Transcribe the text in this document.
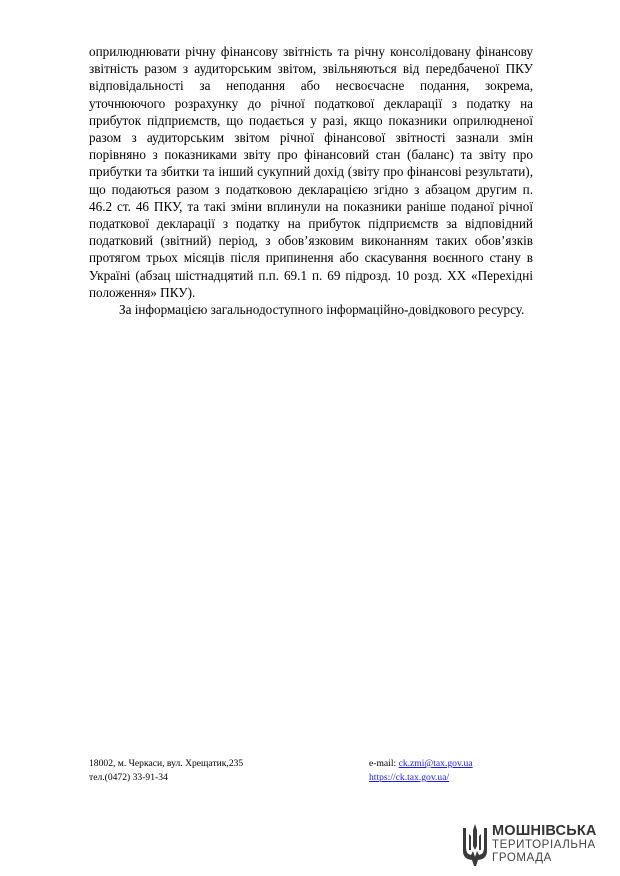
оприлюднювати річну фінансову звітність та річну консолідовану фінансову звітність разом з аудиторським звітом, звільняються від передбаченої ПКУ відповідальності за неподання або несвоєчасне подання, зокрема, уточнюючого розрахунку до річної податкової декларації з податку на прибуток підприємств, що подається у разі, якщо показники оприлюдненої разом з аудиторським звітом річної фінансової звітності зазнали змін порівняно з показниками звіту про фінансовий стан (баланс) та звіту про прибутки та збитки та інший сукупний дохід (звіту про фінансові результати), що подаються разом з податковою декларацією згідно з абзацом другим п. 46.2 ст. 46 ПКУ, та такі зміни вплинули на показники раніше поданої річної податкової декларації з податку на прибуток підприємств за відповідний податковий (звітний) період, з обов’язковим виконанням таких обов’язків протягом трьох місяців після припинення або скасування воєнного стану в Україні (абзац шістнадцятий п.п. 69.1 п. 69 підрозд. 10 розд. XX «Перехідні положення» ПКУ).

За інформацією загальнодоступного інформаційно-довідкового ресурсу.

18002, м. Черкаси, вул. Хрещатик,235
тел.(0472) 33-91-34
e-mail: ck.zmi@tax.gov.ua
https://ck.tax.gov.ua/
МОШНІВСЬКА
ТЕРИТОРІАЛЬНА
ГРОМАДА
